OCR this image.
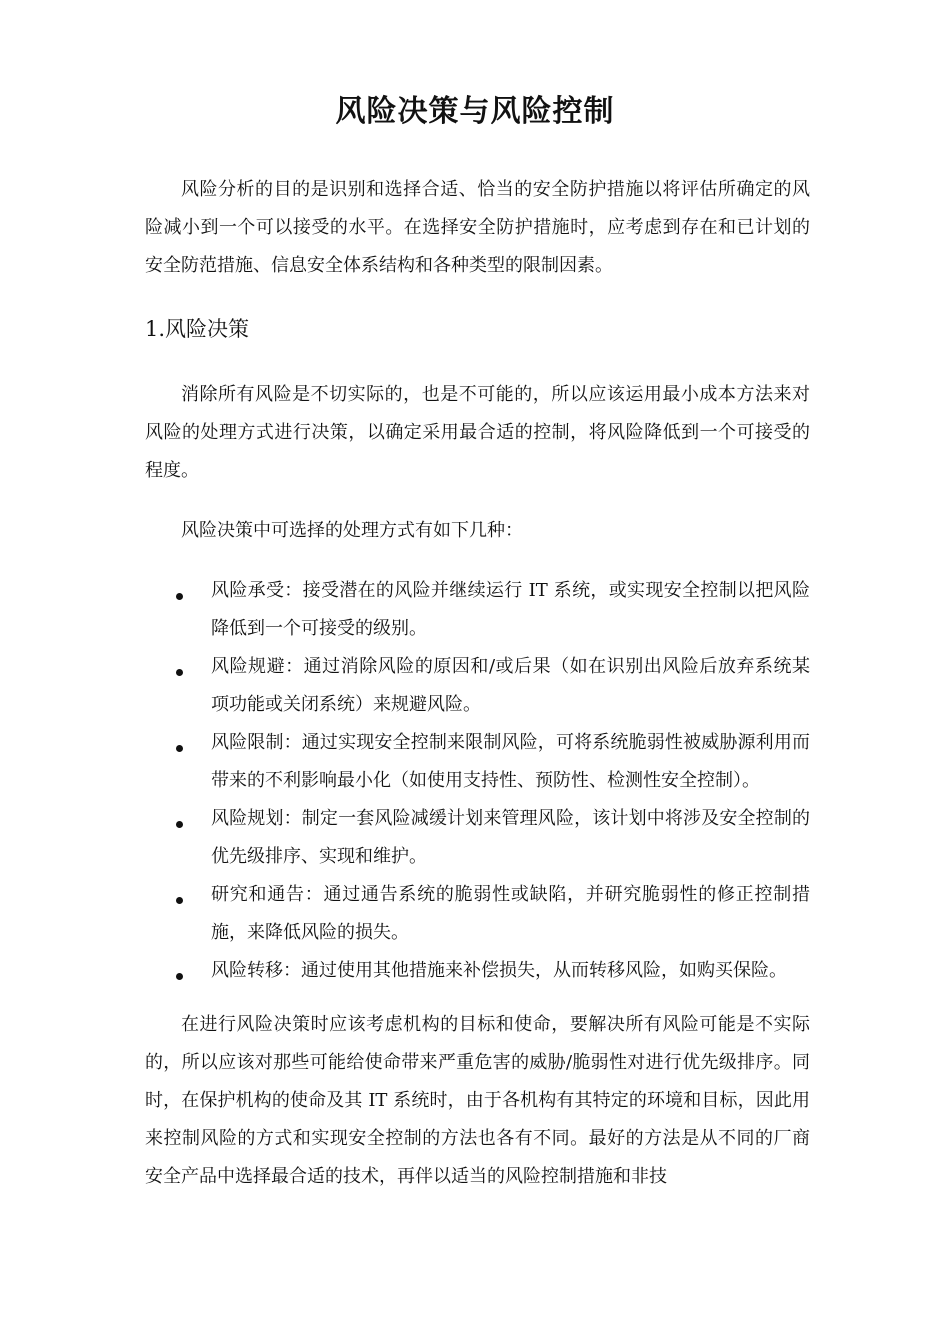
风险决策与风险控制
风险分析的目的是识别和选择合适、恰当的安全防护措施以将评估所确定的风险减小到一个可以接受的水平。在选择安全防护措施时，应考虑到存在和已计划的安全防范措施、信息安全体系结构和各种类型的限制因素。
1.风险决策
消除所有风险是不切实际的，也是不可能的，所以应该运用最小成本方法来对风险的处理方式进行决策，以确定采用最合适的控制，将风险降低到一个可接受的程度。
风险决策中可选择的处理方式有如下几种：
风险承受：接受潜在的风险并继续运行 IT 系统，或实现安全控制以把风险降低到一个可接受的级别。
风险规避：通过消除风险的原因和/或后果（如在识别出风险后放弃系统某项功能或关闭系统）来规避风险。
风险限制：通过实现安全控制来限制风险，可将系统脆弱性被威胁源利用而带来的不利影响最小化（如使用支持性、预防性、检测性安全控制）。
风险规划：制定一套风险减缓计划来管理风险，该计划中将涉及安全控制的优先级排序、实现和维护。
研究和通告：通过通告系统的脆弱性或缺陷，并研究脆弱性的修正控制措施，来降低风险的损失。
风险转移：通过使用其他措施来补偿损失，从而转移风险，如购买保险。
在进行风险决策时应该考虑机构的目标和使命，要解决所有风险可能是不实际的，所以应该对那些可能给使命带来严重危害的威胁/脆弱性对进行优先级排序。同时，在保护机构的使命及其 IT 系统时，由于各机构有其特定的环境和目标，因此用来控制风险的方式和实现安全控制的方法也各有不同。最好的方法是从不同的厂商安全产品中选择最合适的技术，再伴以适当的风险控制措施和非技
